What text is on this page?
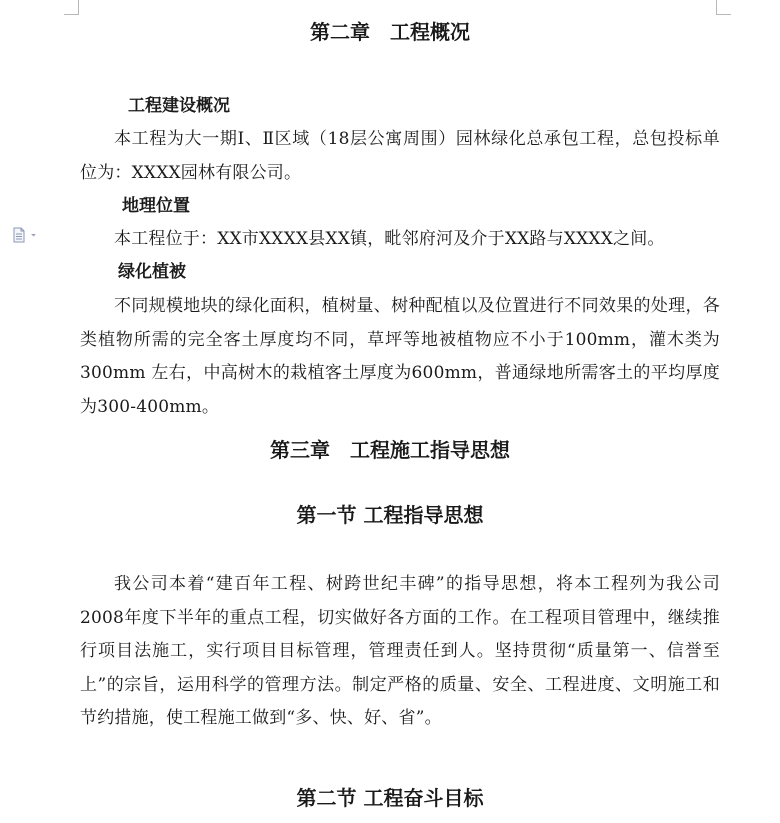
第二章　工程概况
工程建设概况

本工程为大一期Ⅰ、Ⅱ区域（18层公寓周围）园林绿化总承包工程，总包投标单位为：XXXX园林有限公司。

地理位置

本工程位于：XX市XXXX县XX镇，毗邻府河及介于XX路与XXXX之间。

绿化植被

不同规模地块的绿化面积，植树量、树种配植以及位置进行不同效果的处理，各类植物所需的完全客土厚度均不同，草坪等地被植物应不小于100mm，灌木类为300mm 左右，中高树木的栽植客土厚度为600mm，普通绿地所需客土的平均厚度为300-400mm。

第三章　工程施工指导思想
第一节 工程指导思想

我公司本着“建百年工程、树跨世纪丰碑”的指导思想，将本工程列为我公司2008年度下半年的重点工程，切实做好各方面的工作。在工程项目管理中，继续推行项目法施工，实行项目目标管理，管理责任到人。坚持贯彻“质量第一、信誉至上”的宗旨，运用科学的管理方法。制定严格的质量、安全、工程进度、文明施工和节约措施，使工程施工做到“多、快、好、省”。

第二节 工程奋斗目标
